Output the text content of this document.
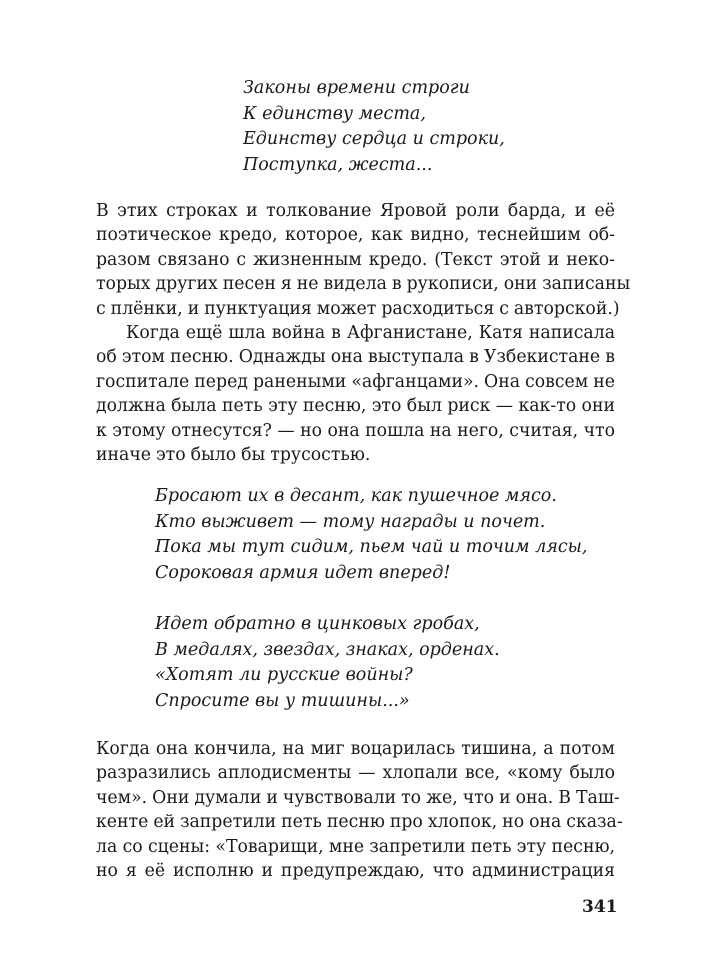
Законы времени строги
К единству места,
Единству сердца и строки,
Поступка, жеста...
В этих строках и толкование Яровой роли барда, и её
поэтическое кредо, которое, как видно, теснейшим об-
разом связано с жизненным кредо. (Текст этой и неко-
торых других песен я не видела в рукописи, они записаны
с плёнки, и пунктуация может расходиться с авторской.)
Когда ещё шла война в Афганистане, Катя написала
об этом песню. Однажды она выступала в Узбекистане в
госпитале перед ранеными «афганцами». Она совсем не
должна была петь эту песню, это был риск — как-то они
к этому отнесутся? — но она пошла на него, считая, что
иначе это было бы трусостью.
Бросают их в десант, как пушечное мясо.
Кто выживет — тому награды и почет.
Пока мы тут сидим, пьем чай и точим лясы,
Сороковая армия идет вперед!
Идет обратно в цинковых гробах,
В медалях, звездах, знаках, орденах.
«Хотят ли русские войны?
Спросите вы у тишины...»
Когда она кончила, на миг воцарилась тишина, а потом
разразились аплодисменты — хлопали все, «кому было
чем». Они думали и чувствовали то же, что и она. В Таш-
кенте ей запретили петь песню про хлопок, но она сказа-
ла со сцены: «Товарищи, мне запретили петь эту песню,
но я её исполню и предупреждаю, что администрация
341
